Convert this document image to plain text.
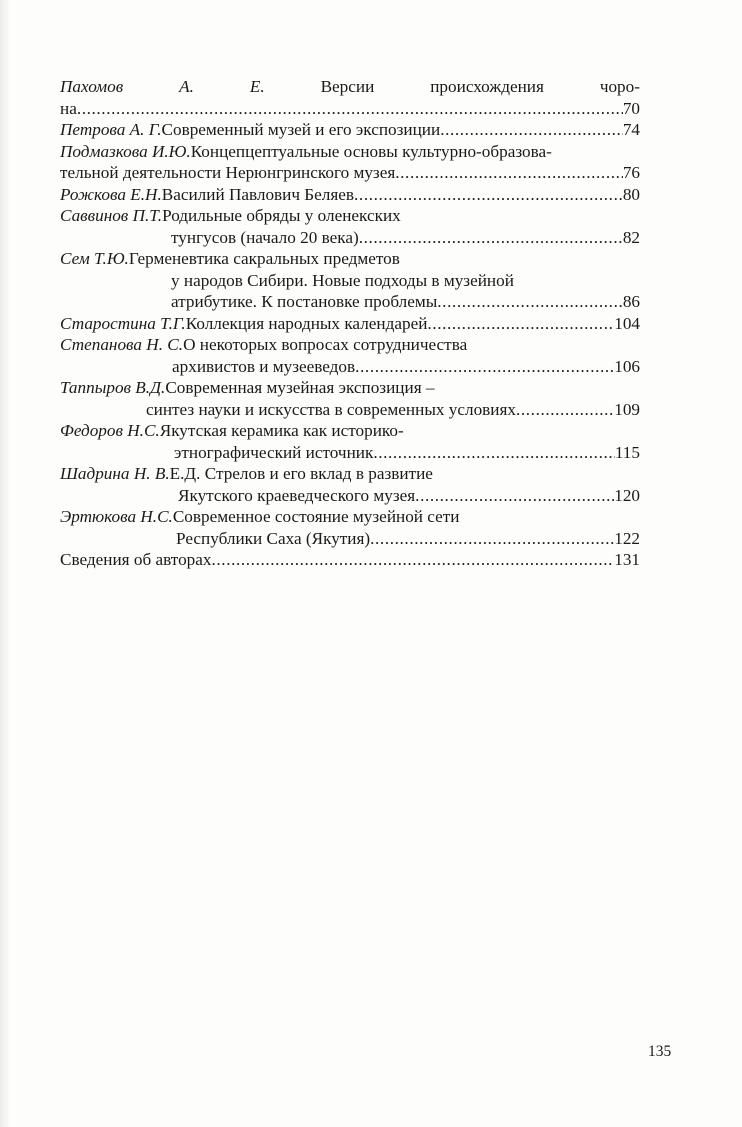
Пахомов	А.	Е.	Версии	происхождения	чоро-
на .....	70
Петрова А. Г. Современный музей и его экспозиции .....	74
Подмазкова И.Ю. Концепцептуальные основы культурно-образова-
тельной деятельности Нерюнгринского музея .....	76
Рожкова Е.Н. Василий Павлович Беляев .....	80
Саввинов П.Т. Родильные обряды у оленекских
тунгусов (начало 20 века) .....	82
Сем Т.Ю. Герменевтика сакральных предметов
у народов Сибири. Новые подходы в музейной
атрибутике. К постановке проблемы .....	86
Старостина Т.Г. Коллекция народных календарей .....	104
Степанова Н. С. О некоторых вопросах сотрудничества
архивистов и музееведов .....	106
Таппыров В.Д. Современная музейная экспозиция –
синтез науки и искусства в современных условиях .....	109
Федоров Н.С. Якутская керамика как историко-
этнографический источник .....	115
Шадрина Н. В. Е.Д. Стрелов и его вклад в развитие
Якутского краеведческого музея .....	120
Эртюкова Н.С. Современное состояние музейной сети
Республики Саха (Якутия) .....	122
Сведения об авторах .....	131
135
